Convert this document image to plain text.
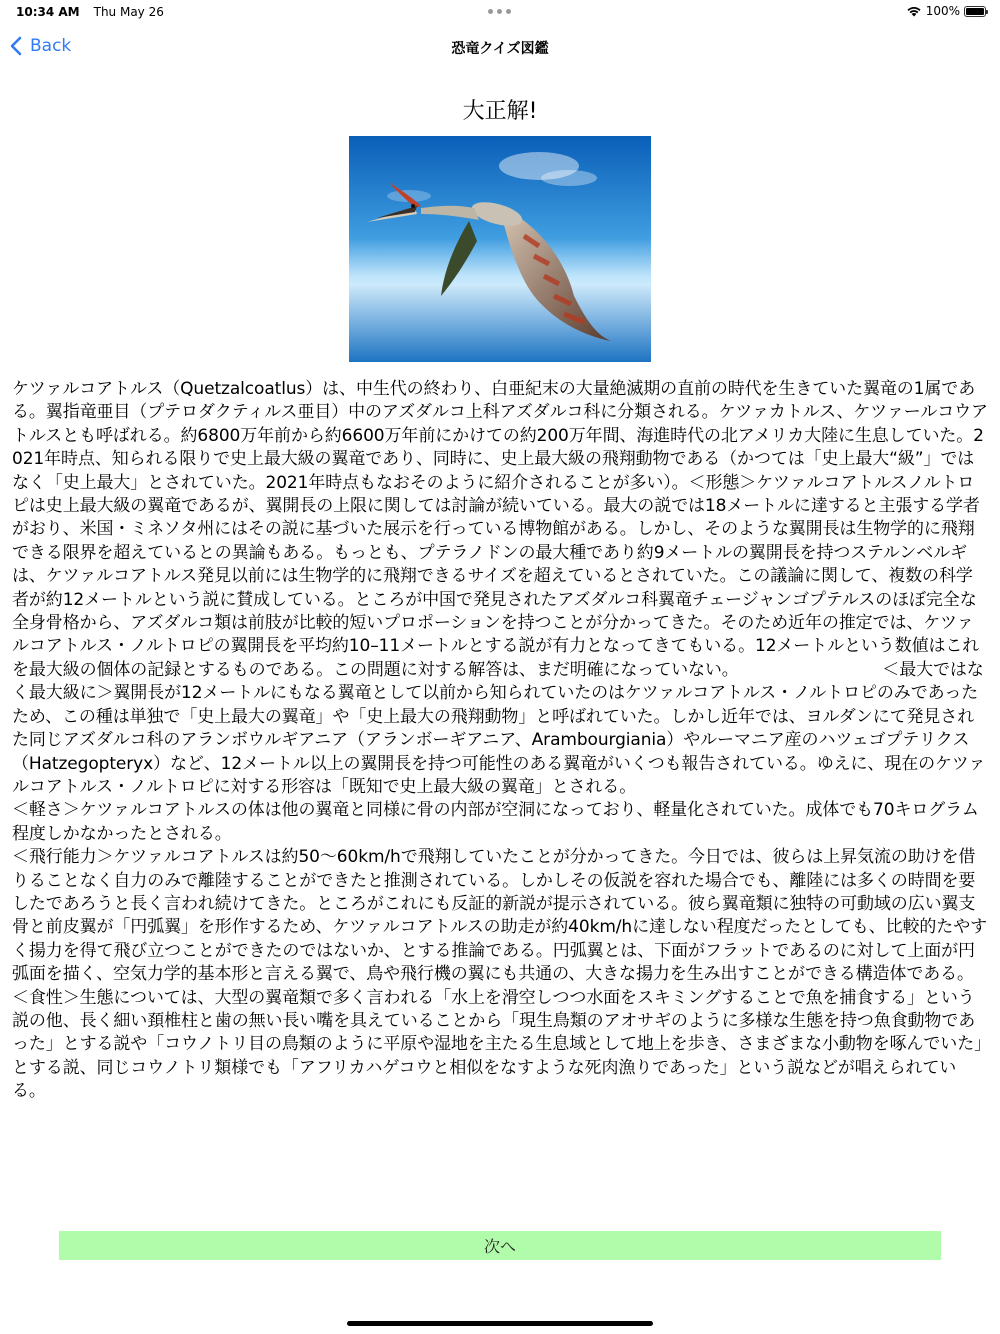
10:34 AM Thu May 26	100%
Back	恐竜クイズ図鑑
大正解!
ケツァルコアトルス（Quetzalcoatlus）は、中生代の終わり、白亜紀末の大量絶滅期の直前の時代を生きていた翼竜の1属である。翼指竜亜目（プテロダクティルス亜目）中のアズダルコ上科アズダルコ科に分類される。ケツァカトルス、ケツァールコウアトルスとも呼ばれる。約6800万年前から約6600万年前にかけての約200万年間、海進時代の北アメリカ大陸に生息していた。2021年時点、知られる限りで史上最大級の翼竜であり、同時に、史上最大級の飛翔動物である（かつては「史上最大“級”」ではなく「史上最大」とされていた。2021年時点もなおそのように紹介されることが多い）。＜形態＞ケツァルコアトルスノルトロピは史上最大級の翼竜であるが、翼開長の上限に関しては討論が続いている。最大の説では18メートルに達すると主張する学者がおり、米国・ミネソタ州にはその説に基づいた展示を行っている博物館がある。しかし、そのような翼開長は生物学的に飛翔できる限界を超えているとの異論もある。もっとも、プテラノドンの最大種であり約9メートルの翼開長を持つステルンベルギは、ケツァルコアトルス発見以前には生物学的に飛翔できるサイズを超えているとされていた。この議論に関して、複数の科学者が約12メートルという説に賛成している。ところが中国で発見されたアズダルコ科翼竜チェージャンゴプテルスのほぼ完全な全身骨格から、アズダルコ類は前肢が比較的短いプロポーションを持つことが分かってきた。そのため近年の推定では、ケツァルコアトルス・ノルトロピの翼開長を平均約10–11メートルとする説が有力となってきてもいる。12メートルという数値はこれを最大級の個体の記録とするものである。この問題に対する解答は、まだ明確になっていない。　　　　　　　　　＜最大ではなく最大級に＞翼開長が12メートルにもなる翼竜として以前から知られていたのはケツァルコアトルス・ノルトロピのみであったため、この種は単独で「史上最大の翼竜」や「史上最大の飛翔動物」と呼ばれていた。しかし近年では、ヨルダンにて発見された同じアズダルコ科のアランボウルギアニア（アランボーギアニア、Arambourgiania）やルーマニア産のハツェゴプテリクス（Hatzegopteryx）など、12メートル以上の翼開長を持つ可能性のある翼竜がいくつも報告されている。ゆえに、現在のケツァルコアトルス・ノルトロピに対する形容は「既知で史上最大級の翼竜」とされる。
＜軽さ＞ケツァルコアトルスの体は他の翼竜と同様に骨の内部が空洞になっており、軽量化されていた。成体でも70キログラム程度しかなかったとされる。
＜飛行能力＞ケツァルコアトルスは約50〜60km/hで飛翔していたことが分かってきた。今日では、彼らは上昇気流の助けを借りることなく自力のみで離陸することができたと推測されている。しかしその仮説を容れた場合でも、離陸には多くの時間を要したであろうと長く言われ続けてきた。ところがこれにも反証的新説が提示されている。彼ら翼竜類に独特の可動域の広い翼支骨と前皮翼が「円弧翼」を形作するため、ケツァルコアトルスの助走が約40km/hに達しない程度だったとしても、比較的たやすく揚力を得て飛び立つことができたのではないか、とする推論である。円弧翼とは、下面がフラットであるのに対して上面が円弧面を描く、空気力学的基本形と言える翼で、鳥や飛行機の翼にも共通の、大きな揚力を生み出すことができる構造体である。
＜食性＞生態については、大型の翼竜類で多く言われる「水上を滑空しつつ水面をスキミングすることで魚を捕食する」という説の他、長く細い頚椎柱と歯の無い長い嘴を具えていることから「現生鳥類のアオサギのように多様な生態を持つ魚食動物であった」とする説や「コウノトリ目の鳥類のように平原や湿地を主たる生息域として地上を歩き、さまざまな小動物を啄んでいた」とする説、同じコウノトリ類様でも「アフリカハゲコウと相似をなすような死肉漁りであった」という説などが唱えられている。
次へ
